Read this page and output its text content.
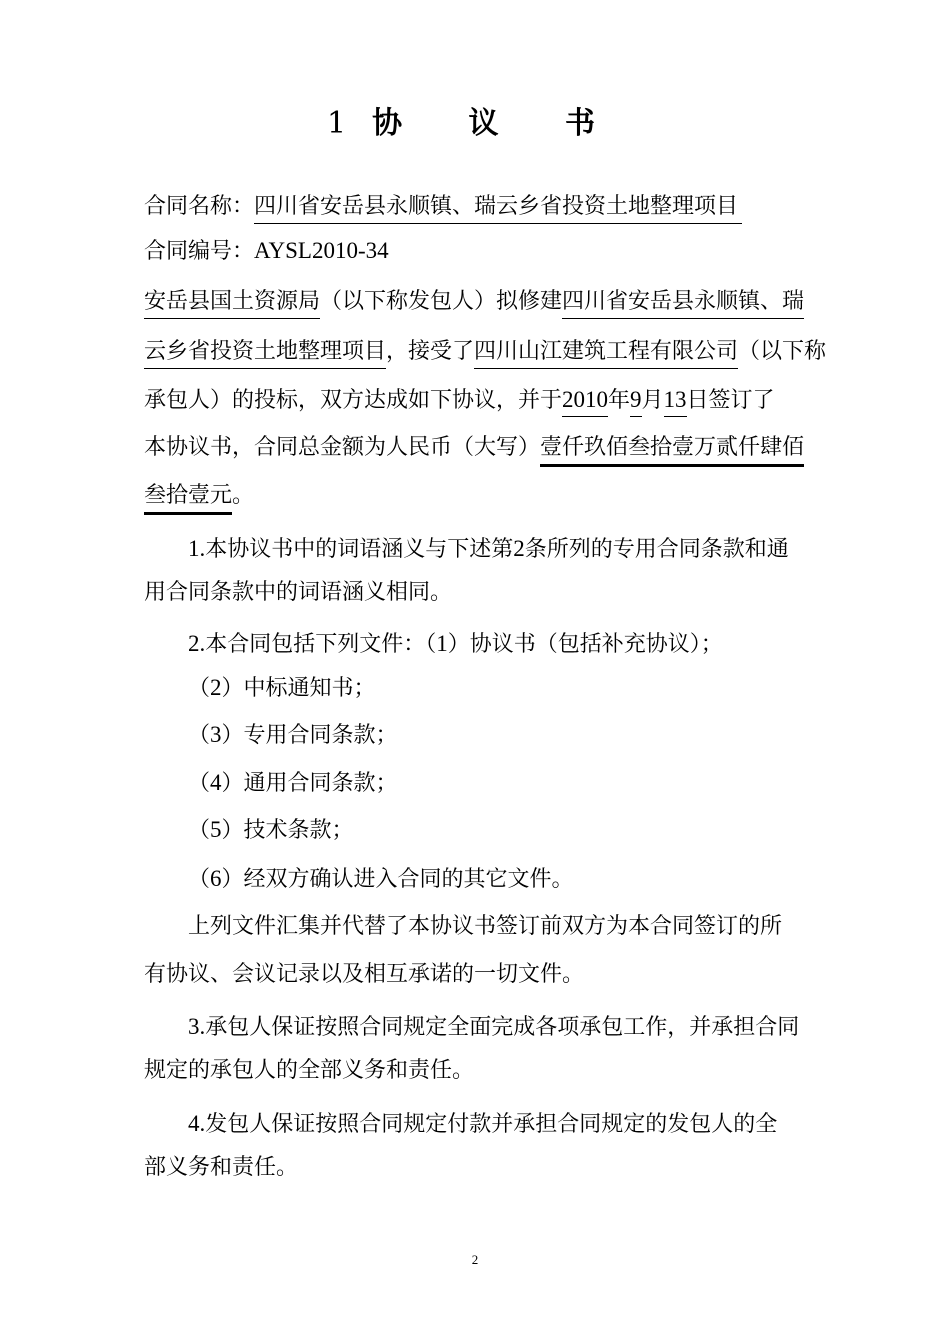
1 协 议 书
合同名称：四川省安岳县永顺镇、瑞云乡省投资土地整理项目
合同编号：AYSL2010-34
安岳县国土资源局（以下称发包人）拟修建四川省安岳县永顺镇、瑞
云乡省投资土地整理项目，接受了四川山江建筑工程有限公司（以下称
承包人）的投标，双方达成如下协议，并于2010年9月13日签订了
本协议书，合同总金额为人民币（大写）壹仟玖佰叁拾壹万贰仟肆佰
叁拾壹元。
1.本协议书中的词语涵义与下述第2条所列的专用合同条款和通
用合同条款中的词语涵义相同。
2.本合同包括下列文件：（1）协议书（包括补充协议）；
（2）中标通知书；
（3）专用合同条款；
（4）通用合同条款；
（5）技术条款；
（6）经双方确认进入合同的其它文件。
上列文件汇集并代替了本协议书签订前双方为本合同签订的所
有协议、会议记录以及相互承诺的一切文件。
3.承包人保证按照合同规定全面完成各项承包工作，并承担合同
规定的承包人的全部义务和责任。
4.发包人保证按照合同规定付款并承担合同规定的发包人的全
部义务和责任。
2
